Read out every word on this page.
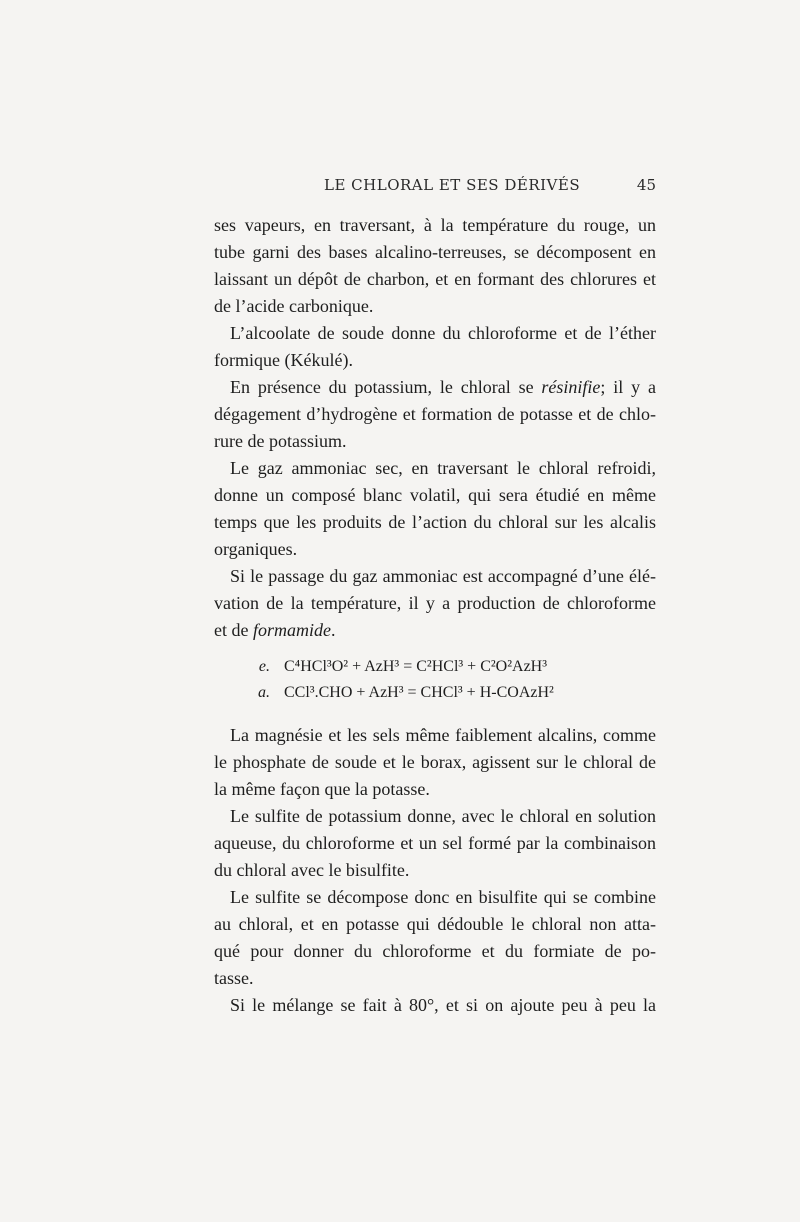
LE CHLORAL ET SES DÉRIVÉS	45
ses vapeurs, en traversant, à la température du rouge, un
tube garni des bases alcalino-terreuses, se décomposent en
laissant un dépôt de charbon, et en formant des chlorures et
de l’acide carbonique.
L’alcoolate de soude donne du chloroforme et de l’éther
formique (Kékulé).
En présence du potassium, le chloral se résinifie; il y a
dégagement d’hydrogène et formation de potasse et de chlo-
rure de potassium.
Le gaz ammoniac sec, en traversant le chloral refroidi,
donne un composé blanc volatil, qui sera étudié en même
temps que les produits de l’action du chloral sur les alcalis
organiques.
Si le passage du gaz ammoniac est accompagné d’une élé-
vation de la température, il y a production de chloroforme
et de formamide.
e. C⁴HCl³O² + AzH³ = C²HCl³ + C²O²AzH³
a. CCl³.CHO + AzH³ = CHCl³ + H-COAzH²
La magnésie et les sels même faiblement alcalins, comme
le phosphate de soude et le borax, agissent sur le chloral de
la même façon que la potasse.
Le sulfite de potassium donne, avec le chloral en solution
aqueuse, du chloroforme et un sel formé par la combinaison
du chloral avec le bisulfite.
Le sulfite se décompose donc en bisulfite qui se combine
au chloral, et en potasse qui dédouble le chloral non atta-
qué pour donner du chloroforme et du formiate de po-
tasse.
Si le mélange se fait à 80°, et si on ajoute peu à peu la
